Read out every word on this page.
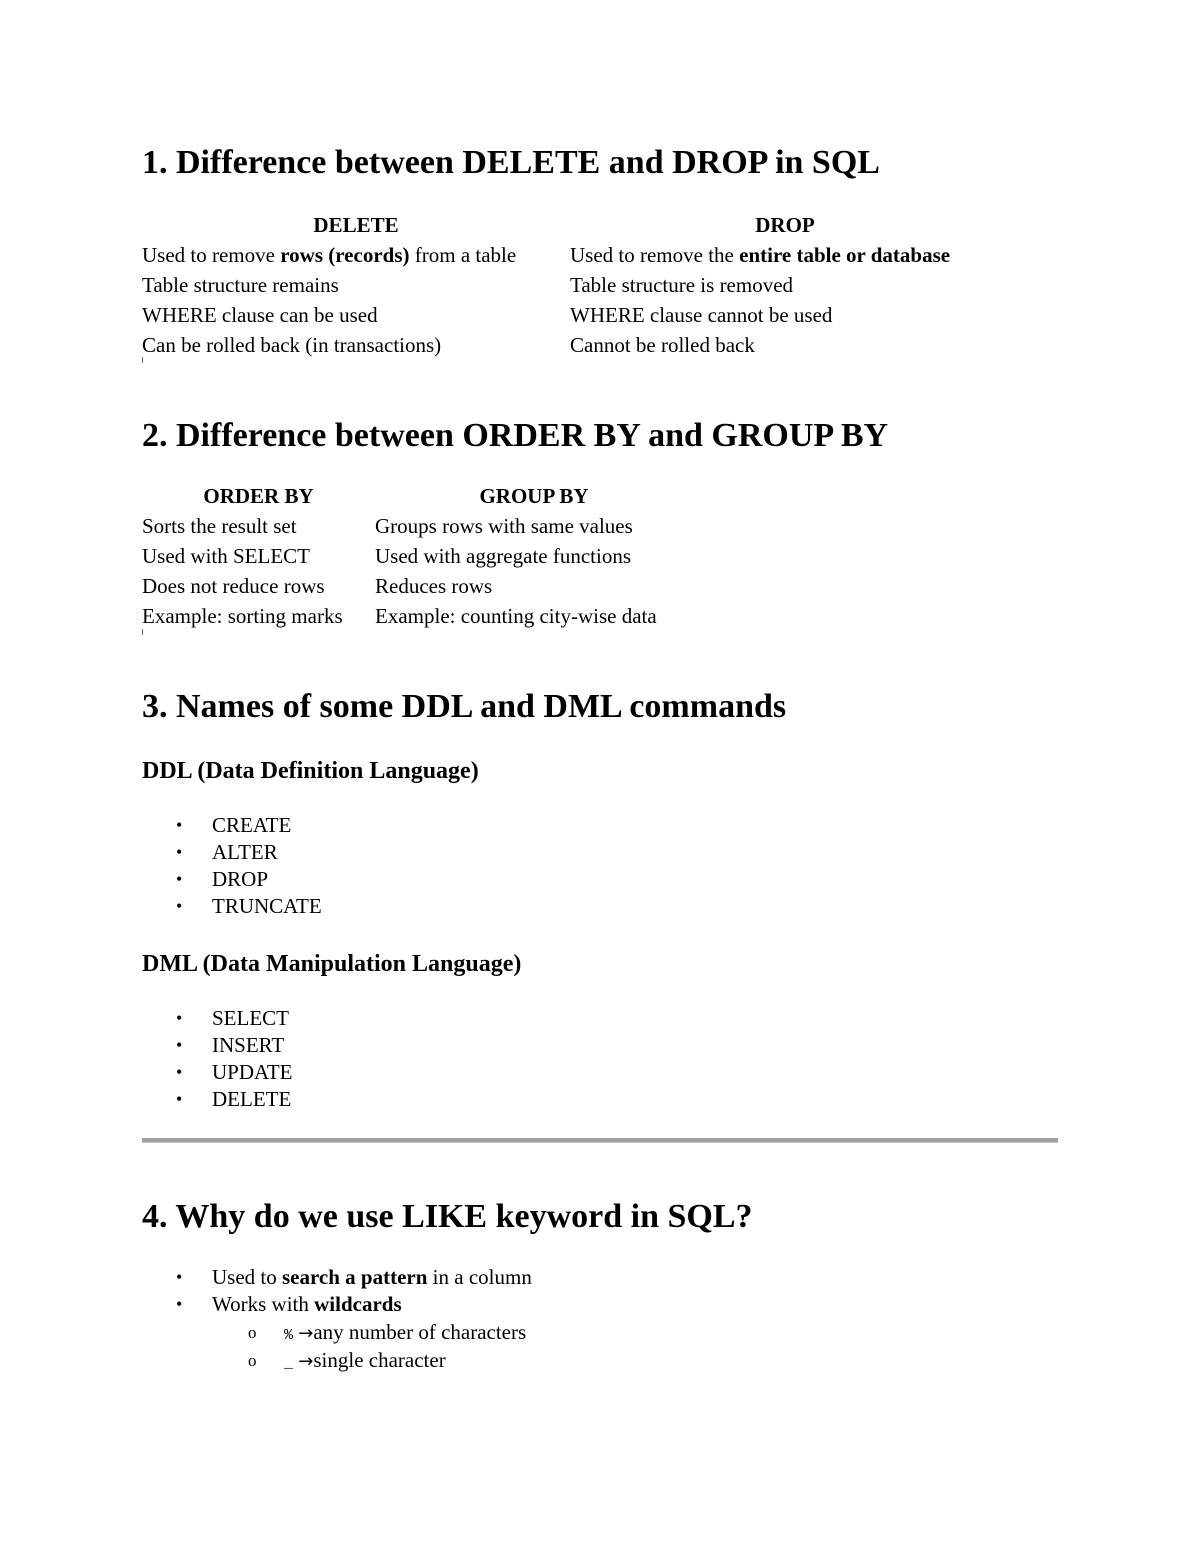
1. Difference between DELETE and DROP in SQL
DELETE	DROP
Used to remove rows (records) from a table	Used to remove the entire table or database
Table structure remains	Table structure is removed
WHERE clause can be used	WHERE clause cannot be used
Can be rolled back (in transactions)	Cannot be rolled back
2. Difference between ORDER BY and GROUP BY
ORDER BY	GROUP BY
Sorts the result set	Groups rows with same values
Used with SELECT	Used with aggregate functions
Does not reduce rows	Reduces rows
Example: sorting marks	Example: counting city-wise data
3. Names of some DDL and DML commands
DDL (Data Definition Language)
• CREATE
• ALTER
• DROP
• TRUNCATE
DML (Data Manipulation Language)
• SELECT
• INSERT
• UPDATE
• DELETE
4. Why do we use LIKE keyword in SQL?
• Used to search a pattern in a column
• Works with wildcards
o % →any number of characters
o _ →single character
